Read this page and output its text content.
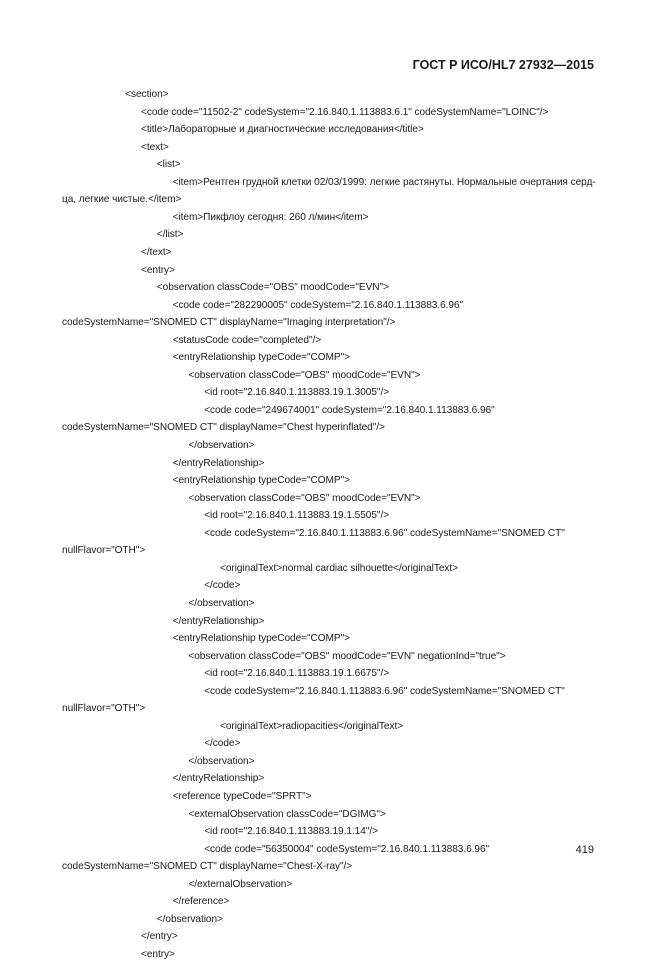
ГОСТ Р ИСО/HL7 27932—2015
<section>
<code code="11502-2" codeSystem="2.16.840.1.113883.6.1" codeSystemName="LOINC"/>
<title>Лабораторные и диагностические исследования</title>
<text>
<list>
<item>Рентген грудной клетки 02/03/1999: легкие растянуты. Нормальные очертания серд-
ца, легкие чистые.</item>
<item>Пикфлоу сегодня: 260 л/мин</item>
</list>
</text>
<entry>
<observation classCode="OBS" moodCode="EVN">
<code code="282290005" codeSystem="2.16.840.1.113883.6.96"
codeSystemName="SNOMED CT" displayName="Imaging interpretation"/>
<statusCode code="completed"/>
<entryRelationship typeCode="COMP">
<observation classCode="OBS" moodCode="EVN">
<id root="2.16.840.1.113883.19.1.3005"/>
<code code="249674001" codeSystem="2.16.840.1.113883.6.96"
codeSystemName="SNOMED CT" displayName="Chest hyperinflated"/>
</observation>
</entryRelationship>
<entryRelationship typeCode="COMP">
<observation classCode="OBS" moodCode="EVN">
<id root="2.16.840.1.113883.19.1.5505"/>
<code codeSystem="2.16.840.1.113883.6.96" codeSystemName="SNOMED CT"
nullFlavor="OTH">
<originalText>normal cardiac silhouette</originalText>
</code>
</observation>
</entryRelationship>
<entryRelationship typeCode="COMP">
<observation classCode="OBS" moodCode="EVN" negationInd="true">
<id root="2.16.840.1.113883.19.1.6675"/>
<code codeSystem="2.16.840.1.113883.6.96" codeSystemName="SNOMED CT"
nullFlavor="OTH">
<originalText>radiopacities</originalText>
</code>
</observation>
</entryRelationship>
<reference typeCode="SPRT">
<externalObservation classCode="DGIMG">
<id root="2.16.840.1.113883.19.1.14"/>
<code code="56350004" codeSystem="2.16.840.1.113883.6.96"
codeSystemName="SNOMED CT" displayName="Chest-X-ray"/>
</externalObservation>
</reference>
</observation>
</entry>
<entry>
419
